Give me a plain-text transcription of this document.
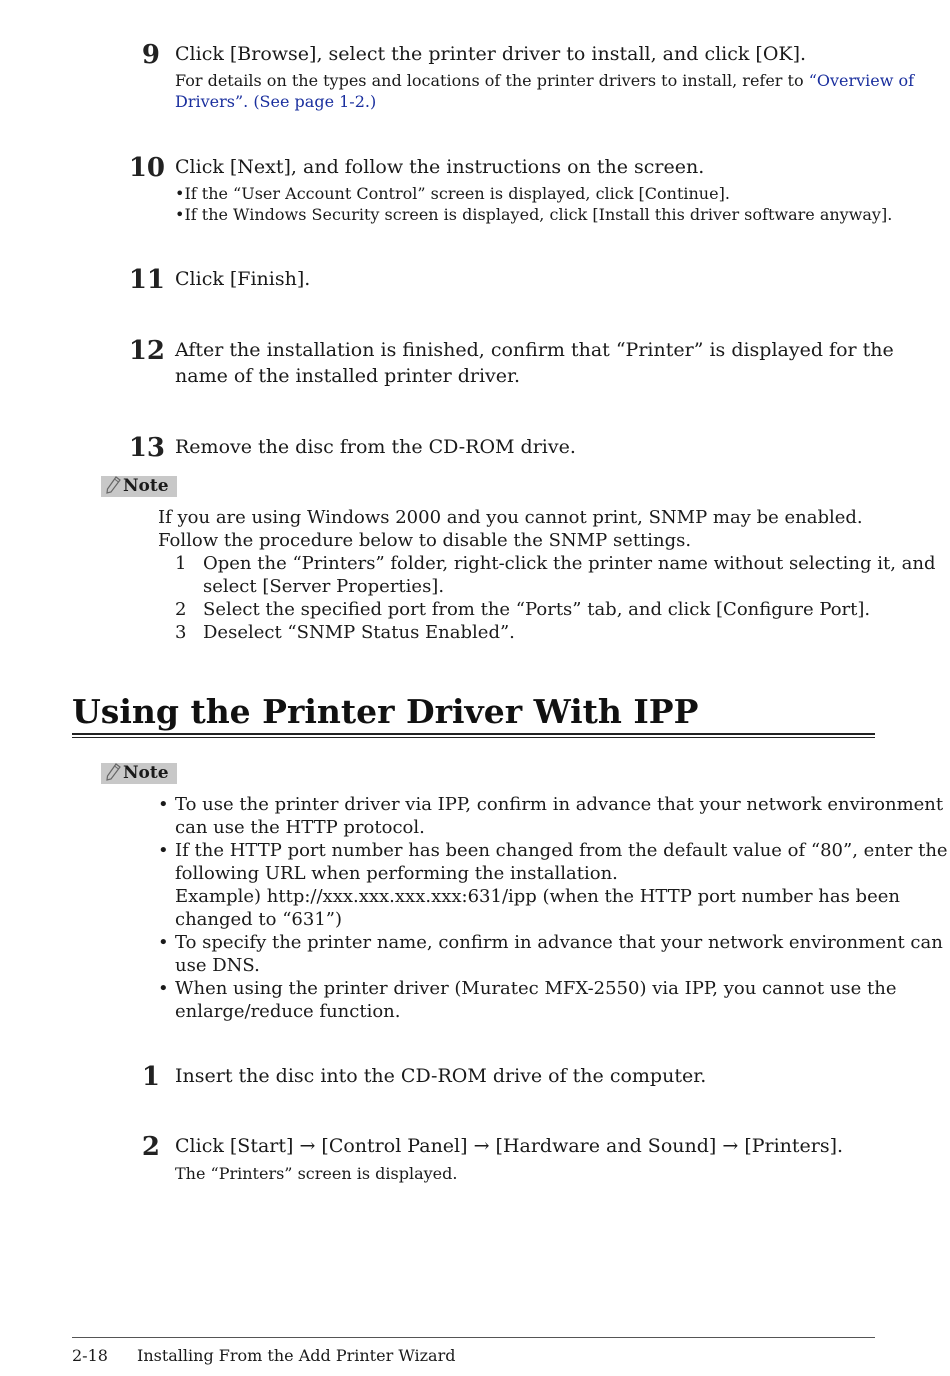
9 Click [Browse], select the printer driver to install, and click [OK].
For details on the types and locations of the printer drivers to install, refer to “Overview of
Drivers”. (See page 1-2.)
10 Click [Next], and follow the instructions on the screen.
•If the “User Account Control” screen is displayed, click [Continue].
•If the Windows Security screen is displayed, click [Install this driver software anyway].
11 Click [Finish].
12 After the installation is finished, confirm that “Printer” is displayed for the
name of the installed printer driver.
13 Remove the disc from the CD-ROM drive.
Note
If you are using Windows 2000 and you cannot print, SNMP may be enabled.
Follow the procedure below to disable the SNMP settings.
1 Open the “Printers” folder, right-click the printer name without selecting it, and
select [Server Properties].
2 Select the specified port from the “Ports” tab, and click [Configure Port].
3 Deselect “SNMP Status Enabled”.
Using the Printer Driver With IPP
Note
• To use the printer driver via IPP, confirm in advance that your network environment
can use the HTTP protocol.
• If the HTTP port number has been changed from the default value of “80”, enter the
following URL when performing the installation.
Example) http://xxx.xxx.xxx.xxx:631/ipp (when the HTTP port number has been
changed to “631”)
• To specify the printer name, confirm in advance that your network environment can
use DNS.
• When using the printer driver (Muratec MFX-2550) via IPP, you cannot use the
enlarge/reduce function.
1 Insert the disc into the CD-ROM drive of the computer.
2 Click [Start] → [Control Panel] → [Hardware and Sound] → [Printers].
The “Printers” screen is displayed.
2-18 Installing From the Add Printer Wizard
